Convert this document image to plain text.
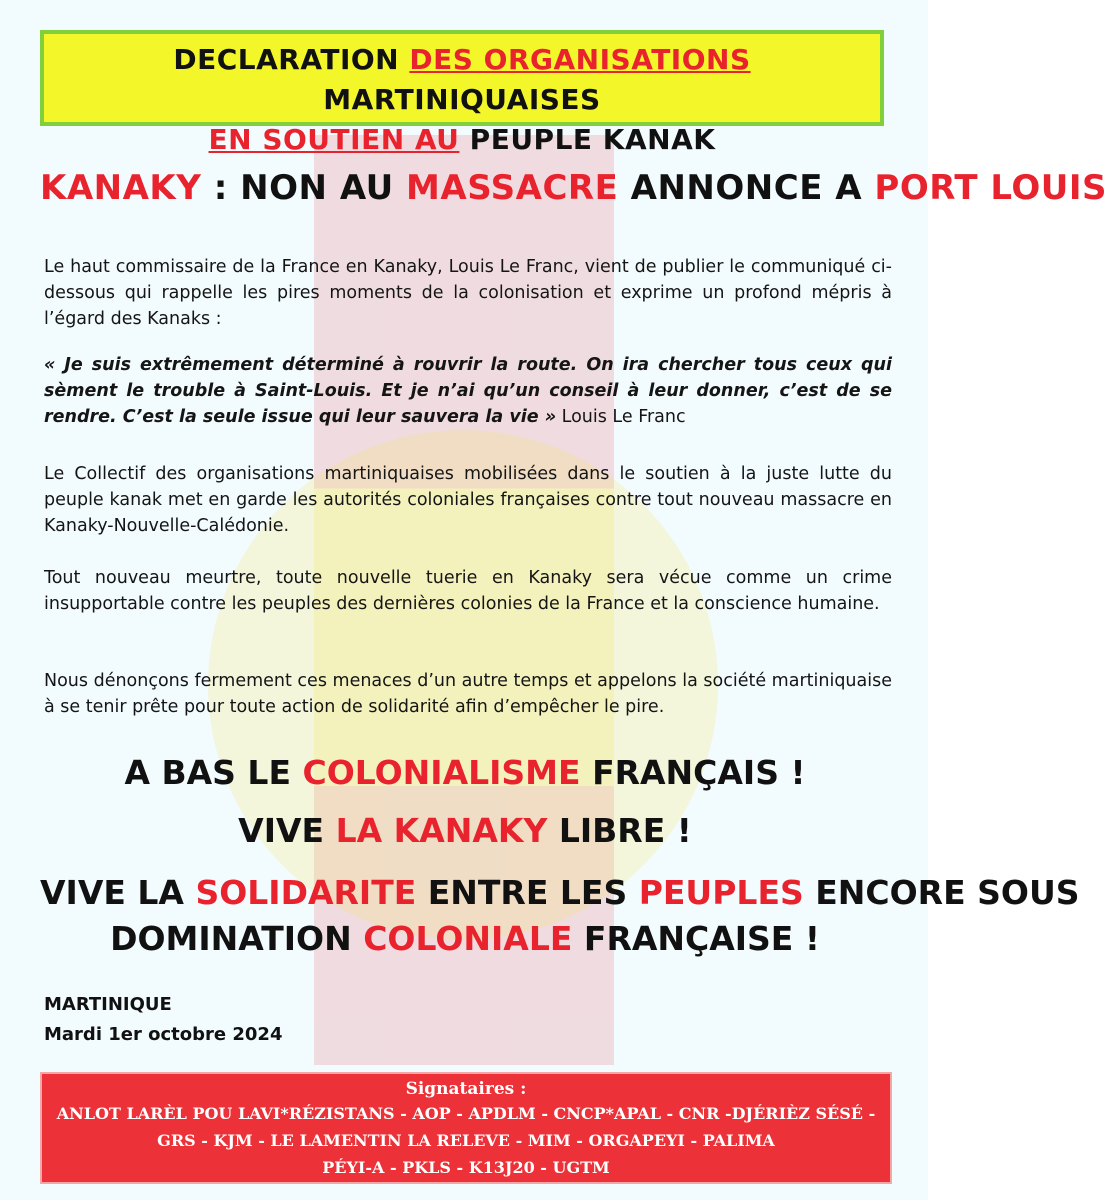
DECLARATION DES ORGANISATIONS MARTINIQUAISES
EN SOUTIEN AU PEUPLE KANAK
KANAKY : NON AU MASSACRE ANNONCE A PORT LOUIS
Le haut commissaire de la France en Kanaky, Louis Le Franc, vient de publier le communiqué ci-dessous qui rappelle les pires moments de la colonisation et exprime un profond mépris à l’égard des Kanaks :
« Je suis extrêmement déterminé à rouvrir la route. On ira chercher tous ceux qui sèment le trouble à Saint-Louis. Et je n’ai qu’un conseil à leur donner, c’est de se rendre. C’est la seule issue qui leur sauvera la vie » Louis Le Franc
Le Collectif des organisations martiniquaises mobilisées dans le soutien à la juste lutte du peuple kanak met en garde les autorités coloniales françaises contre tout nouveau massacre en Kanaky-Nouvelle-Calédonie.
Tout nouveau meurtre, toute nouvelle tuerie en Kanaky sera vécue comme un crime insupportable contre les peuples des dernières colonies de la France et la conscience humaine.
Nous dénonçons fermement ces menaces d’un autre temps et appelons la société martiniquaise à se tenir prête pour toute action de solidarité afin d’empêcher le pire.
A BAS LE COLONIALISME FRANÇAIS !
VIVE LA KANAKY LIBRE !
VIVE LA SOLIDARITE ENTRE LES PEUPLES ENCORE SOUS
DOMINATION COLONIALE FRANÇAISE !
MARTINIQUE
Mardi 1er octobre 2024
Signataires :
ANLOT LARÈL POU LAVI*RÉZISTANS - AOP - APDLM - CNCP*APAL - CNR -DJÉRIÈZ SÉSÉ -
GRS - KJM - LE LAMENTIN LA RELEVE - MIM - ORGAPEYI - PALIMA
PÉYI-A - PKLS - K13J20 - UGTM
